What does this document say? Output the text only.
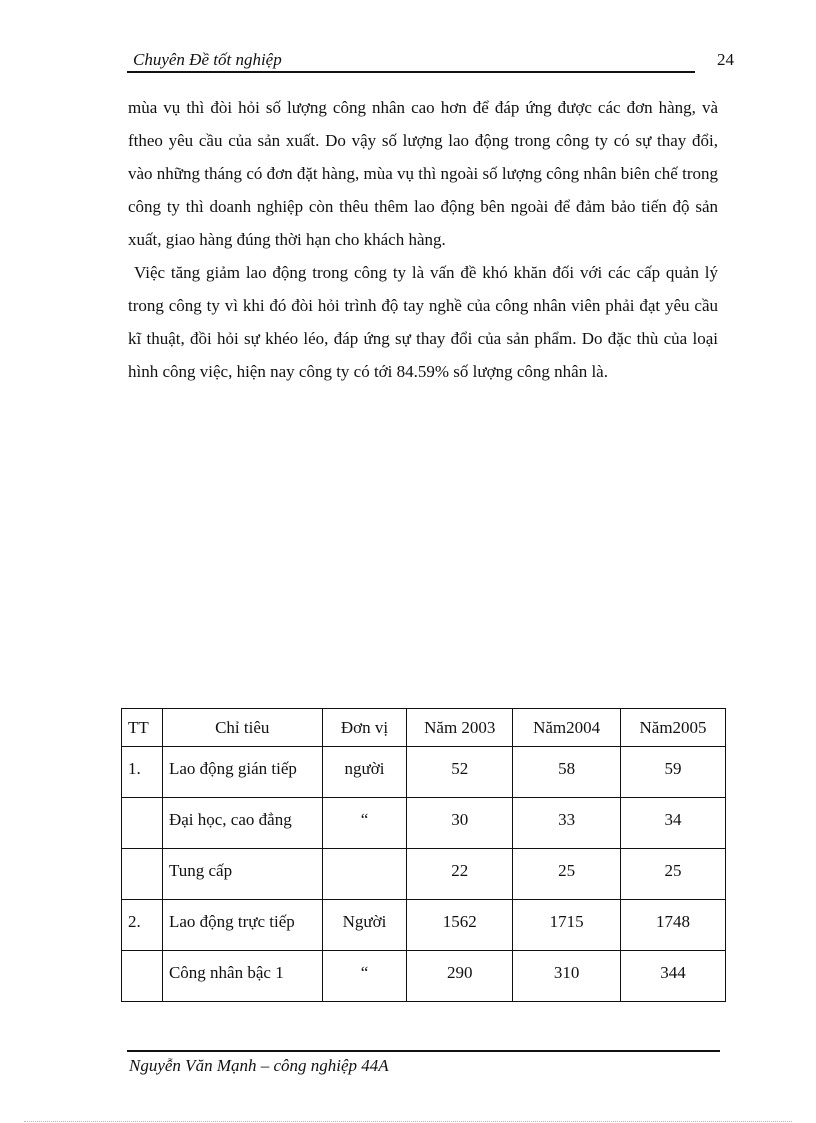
Chuyên Đề tốt nghiệp	24

mùa vụ thì đòi hỏi số lượng công nhân cao hơn để đáp ứng được các đơn hàng, và ftheo yêu cầu của sản xuất. Do vậy số lượng lao động trong công ty có sự thay đổi, vào những tháng có đơn đặt hàng, mùa vụ thì ngoài số lượng công nhân biên chế trong công ty thì doanh nghiệp còn thêu thêm lao động bên ngoài để đảm bảo tiến độ sản xuất, giao hàng đúng thời hạn cho khách hàng.

Việc tăng giảm lao động trong công ty là vấn đề khó khăn đối với các cấp quản lý trong công ty vì khi đó đòi hỏi trình độ tay nghề của công nhân viên phải đạt yêu cầu kĩ thuật, đồi hỏi sự khéo léo, đáp ứng sự thay đổi của sản phẩm. Do đặc thù của loại hình công việc, hiện nay công ty có tới 84.59% số lượng công nhân là.

TT	Chỉ tiêu	Đơn vị	Năm 2003	Năm2004	Năm2005
1.	Lao động gián tiếp	người	52	58	59
	Đại học, cao đẳng	“	30	33	34
	Tung cấp		22	25	25
2.	Lao động trực tiếp	Người	1562	1715	1748
	Công nhân bậc 1	“	290	310	344
Nguyễn Văn Mạnh – công nghiệp 44A
